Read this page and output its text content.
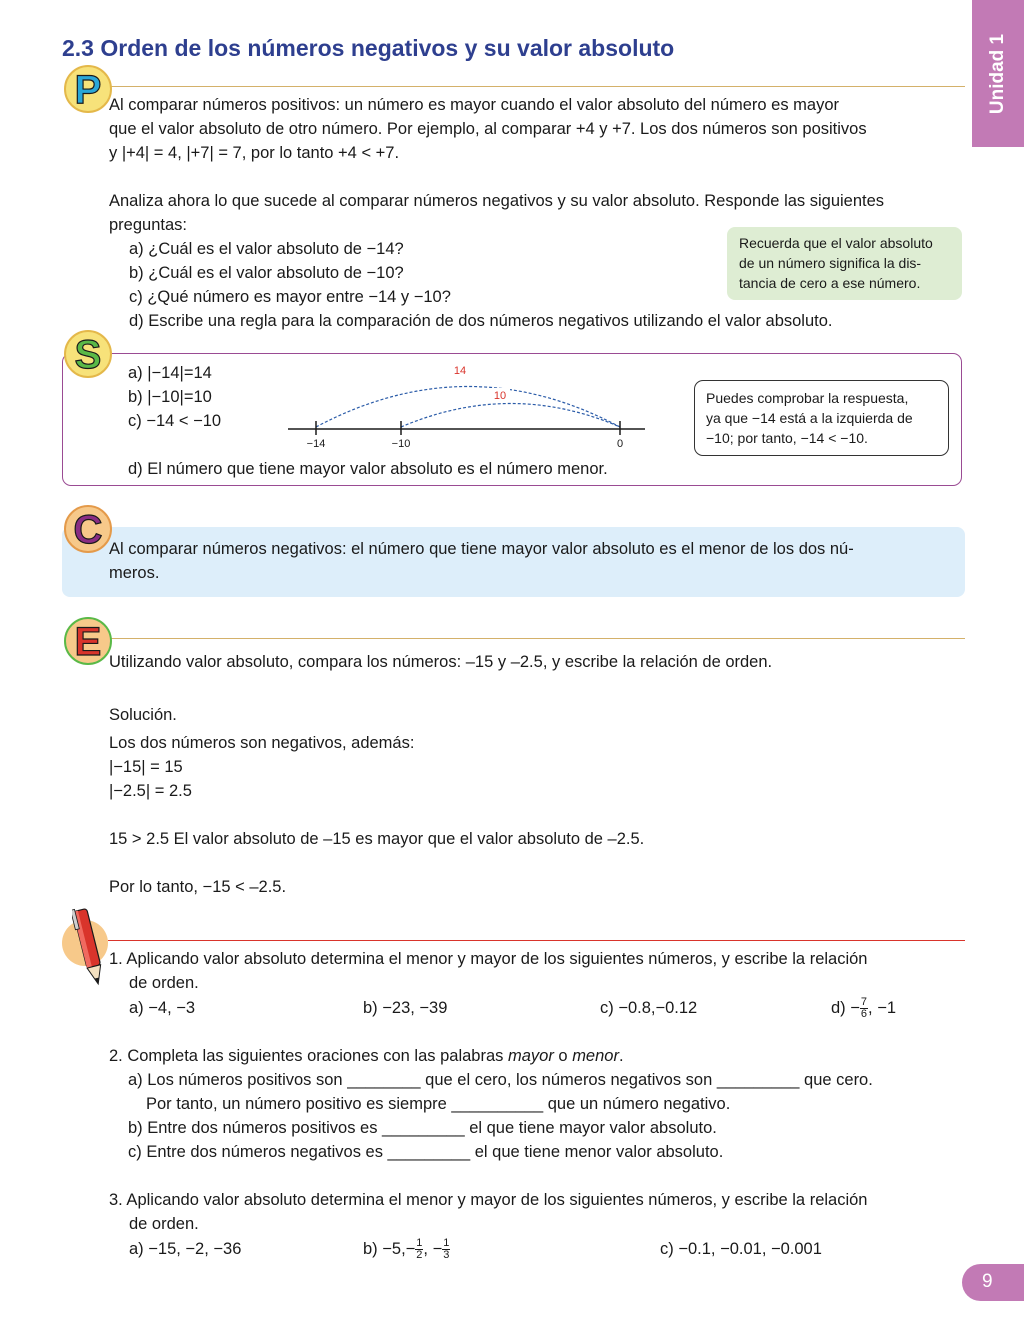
2.3 Orden de los números negativos y su valor absoluto	Unidad 1
P Al comparar números positivos: un número es mayor cuando el valor absoluto del número es mayor
que el valor absoluto de otro número. Por ejemplo, al comparar +4 y +7. Los dos números son positivos
y |+4| = 4, |+7| = 7, por lo tanto +4 < +7.
Analiza ahora lo que sucede al comparar números negativos y su valor absoluto. Responde las siguientes
preguntas:
a) ¿Cuál es el valor absoluto de −14?
b) ¿Cuál es el valor absoluto de −10?
c) ¿Qué número es mayor entre −14 y −10?
d) Escribe una regla para la comparación de dos números negativos utilizando el valor absoluto.
Recuerda que el valor absoluto
de un número significa la dis-
tancia de cero a ese número.
S	a) |−14|=14
b) |−10|=10
c) −14 < −10
d) El número que tiene mayor valor absoluto es el número menor.
14
10
−14	−10	0
Puedes comprobar la respuesta,
ya que −14 está a la izquierda de
−10; por tanto, −14 < −10.
C Al comparar números negativos: el número que tiene mayor valor absoluto es el menor de los dos nú-
meros.
E Utilizando valor absoluto, compara los números: –15 y –2.5, y escribe la relación de orden.
Solución.
Los dos números son negativos, además:
|−15| = 15
|−2.5| = 2.5
15 > 2.5 El valor absoluto de –15 es mayor que el valor absoluto de –2.5.
Por lo tanto, −15 < –2.5.
1. Aplicando valor absoluto determina el menor y mayor de los siguientes números, y escribe la relación
de orden.
a) −4, −3	b) −23, −39	c) −0.8,−0.12	$d) - \frac{7}{6}$ , −1
2. Completa las siguientes oraciones con las palabras mayor o menor.
a) Los números positivos son ________ que el cero, los números negativos son _________ que cero.
Por tanto, un número positivo es siempre __________ que un número negativo.
b) Entre dos números positivos es _________ el que tiene mayor valor absoluto.
c) Entre dos números negativos es _________ el que tiene menor valor absoluto.
3. Aplicando valor absoluto determina el menor y mayor de los siguientes números, y escribe la relación
de orden.
a) −15, −2, −36	$b) -5,- \frac{1}{2}$ , − $\frac{1}{3}$	c) −0.1, −0.01, −0.001
9
